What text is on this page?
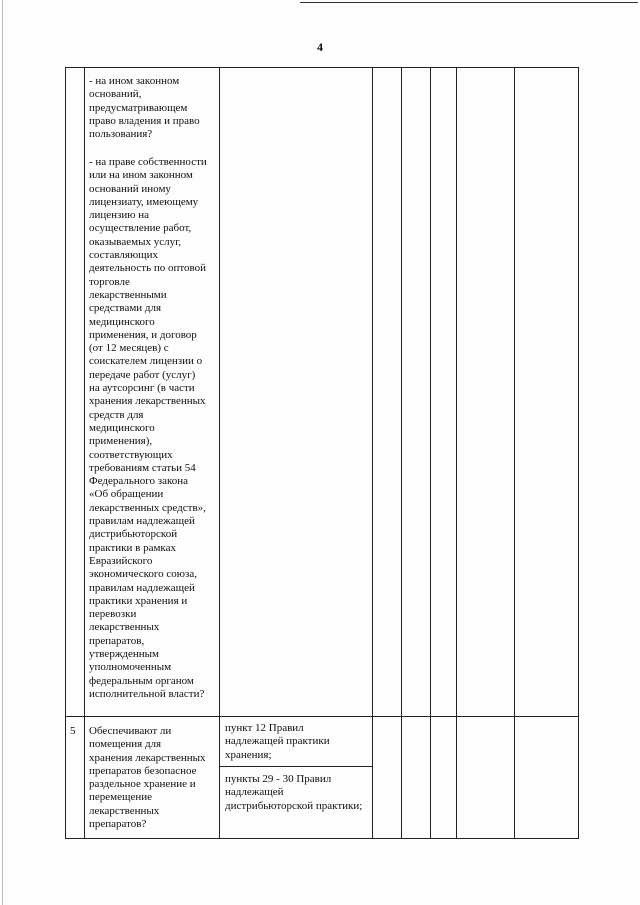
4
- на ином законном
оснований,
предусматривающем
право владения и право
пользования?
- на праве собственности
или на ином законном
оснований иному
лицензиату, имеющему
лицензию на
осуществление работ,
оказываемых услуг,
составляющих
деятельность по оптовой
торговле
лекарственными
средствами для
медицинского
применения, и договор
(от 12 месяцев) с
соискателем лицензии о
передаче работ (услуг)
на аутсорсинг (в части
хранения лекарственных
средств для
медицинского
применения),
соответствующих
требованиям статьи 54
Федерального закона
«Об обращении
лекарственных средств»,
правилам надлежащей
дистрибьюторской
практики в рамках
Евразийского
экономического союза,
правилам надлежащей
практики хранения и
перевозки
лекарственных
препаратов,
утвержденным
уполномоченным
федеральным органом
исполнительной власти?
5 Обеспечивают ли
помещения для
хранения лекарственных
препаратов безопасное
раздельное хранение и
перемещение
лекарственных
препаратов?
пункт 12 Правил
надлежащей практики
хранения;
пункты 29 - 30 Правил
надлежащей
дистрибьюторской практики;
